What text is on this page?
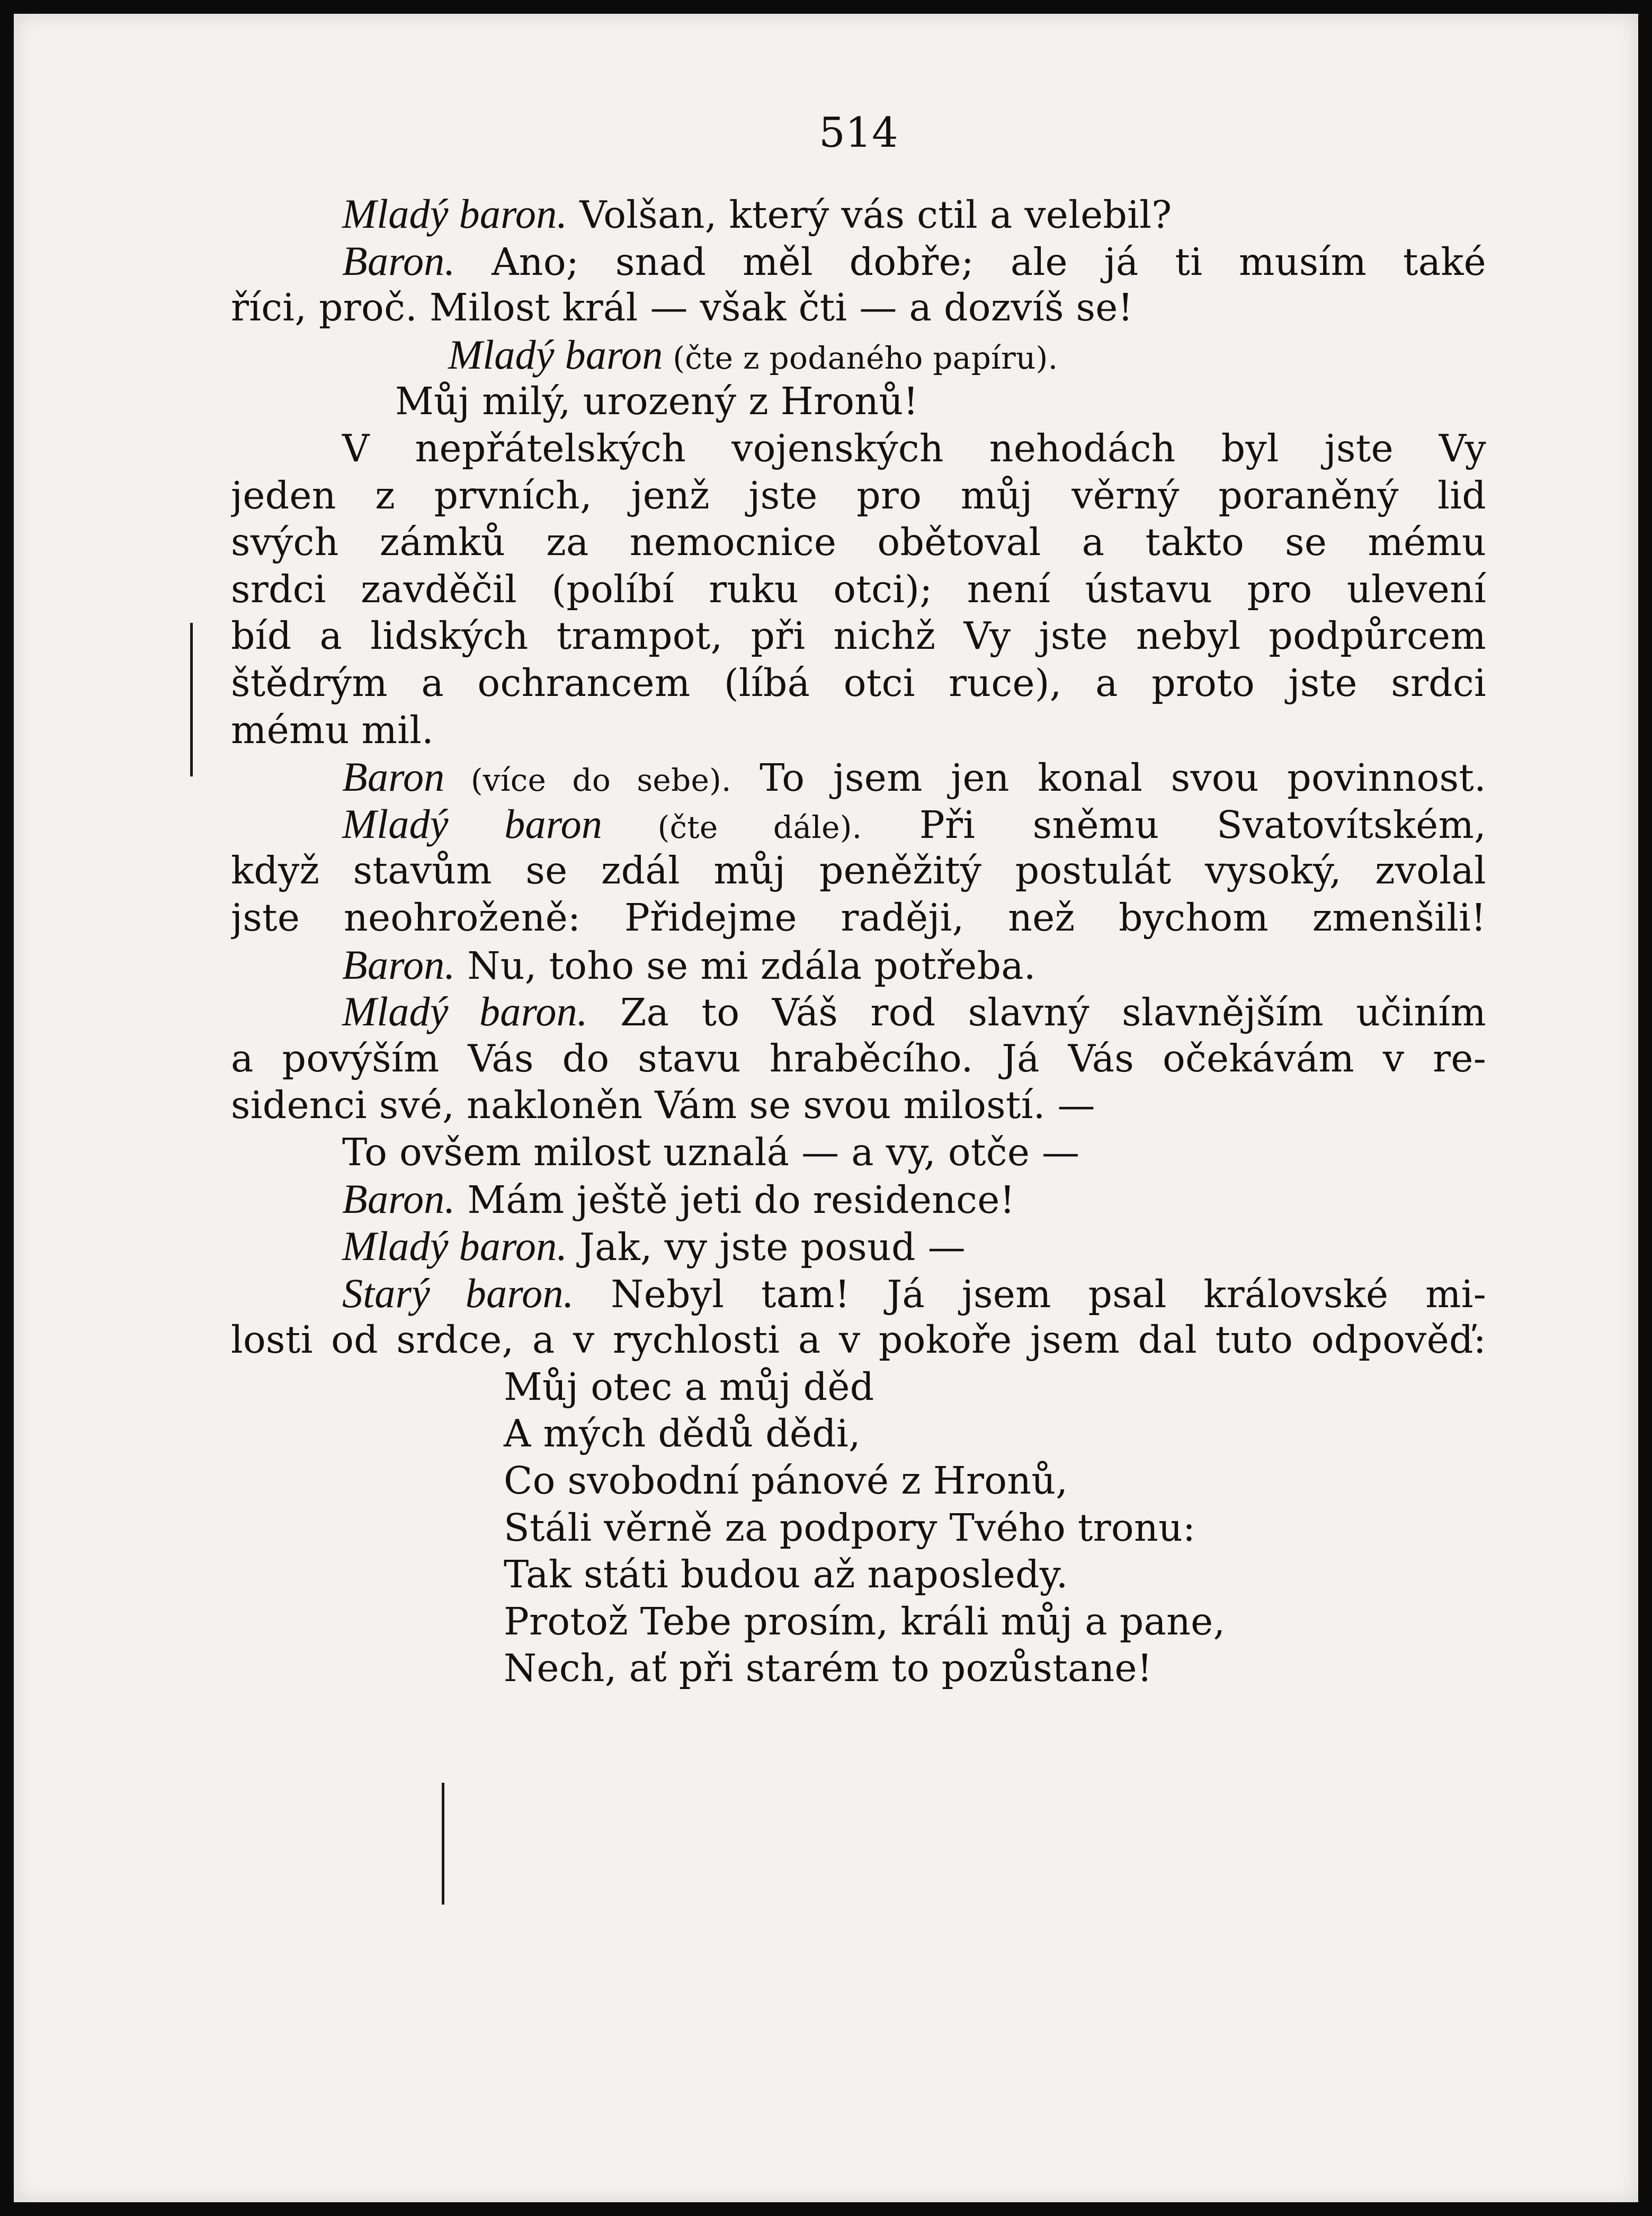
514
Mladý baron. Volšan, který vás ctil a velebil?
Baron. Ano; snad měl dobře; ale já ti musím také
říci, proč. Milost král — však čti — a dozvíš se!
Mladý baron (čte z podaného papíru).
Můj milý, urozený z Hronů!
V nepřátelských vojenských nehodách byl jste Vy
jeden z prvních, jenž jste pro můj věrný poraněný lid
svých zámků za nemocnice obětoval a takto se mému
srdci zavděčil (políbí ruku otci); není ústavu pro ulevení
bíd a lidských trampot, při nichž Vy jste nebyl podpůrcem
štědrým a ochrancem (líbá otci ruce), a proto jste srdci
mému mil.
Baron (více do sebe). To jsem jen konal svou povinnost.
Mladý baron (čte dále). Při sněmu Svatovítském,
když stavům se zdál můj peněžitý postulát vysoký, zvolal
jste neohroženě: Přidejme raději, než bychom zmenšili!
Baron. Nu, toho se mi zdála potřeba.
Mladý baron. Za to Váš rod slavný slavnějším učiním
a povýším Vás do stavu hraběcího. Já Vás očekávám v re-
sidenci své, nakloněn Vám se svou milostí. —
To ovšem milost uznalá — a vy, otče —
Baron. Mám ještě jeti do residence!
Mladý baron. Jak, vy jste posud —
Starý baron. Nebyl tam! Já jsem psal královské mi-
losti od srdce, a v rychlosti a v pokoře jsem dal tuto odpověď:
Můj otec a můj děd
A mých dědů dědi,
Co svobodní pánové z Hronů,
Stáli věrně za podpory Tvého tronu:
Tak státi budou až naposledy.
Protož Tebe prosím, králi můj a pane,
Nech, ať při starém to pozůstane!
